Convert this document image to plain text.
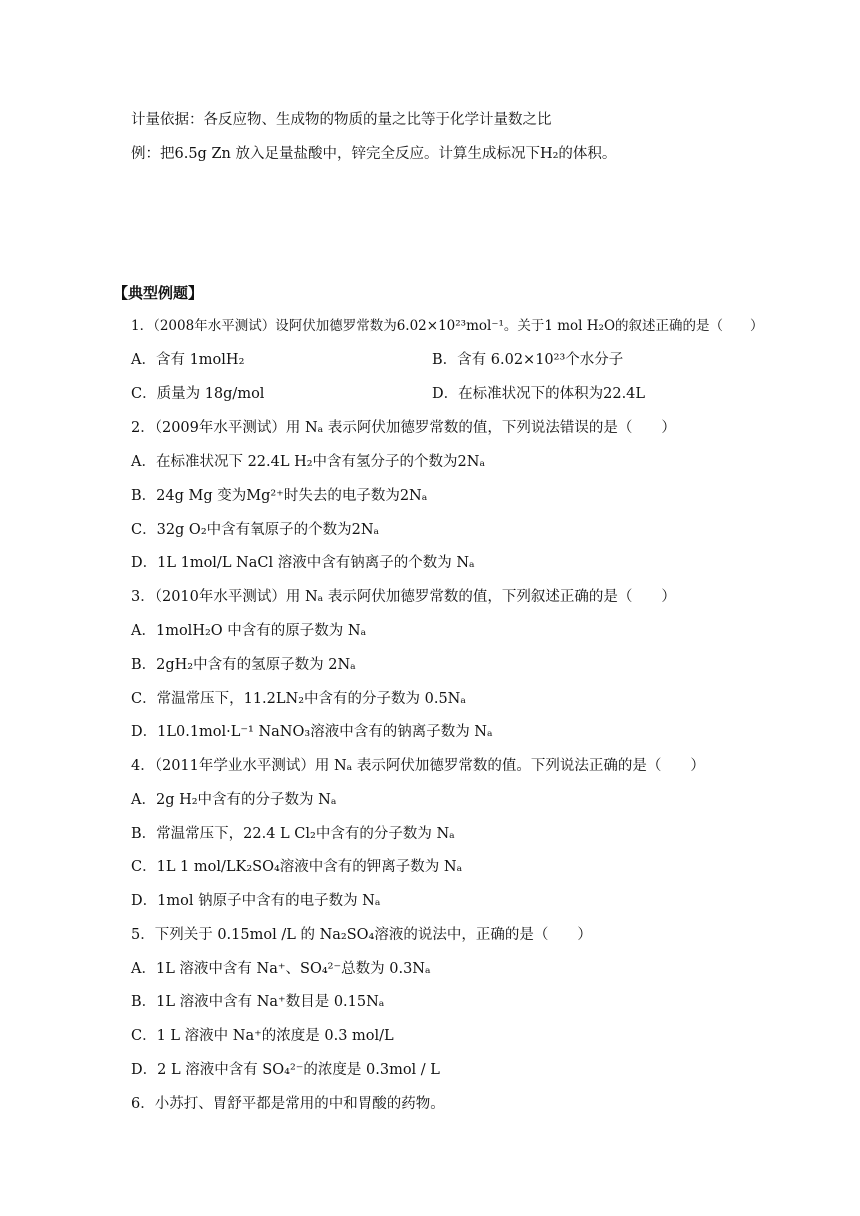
计量依据：各反应物、生成物的物质的量之比等于化学计量数之比
例：把6.5g Zn 放入足量盐酸中，锌完全反应。计算生成标况下H₂的体积。
【典型例题】
1．（2008年水平测试）设阿伏加德罗常数为6.02×10²³mol⁻¹。关于1 mol H₂O的叙述正确的是（　　）
A．含有 1molH₂	B．含有 6.02×10²³个水分子
C．质量为 18g/mol	D．在标准状况下的体积为22.4L
2．（2009年水平测试）用 Nₐ 表示阿伏加德罗常数的值，下列说法错误的是（　　）
A．在标准状况下 22.4L H₂中含有氢分子的个数为2Nₐ
B．24g Mg 变为Mg²⁺时失去的电子数为2Nₐ
C．32g O₂中含有氧原子的个数为2Nₐ
D．1L 1mol/L NaCl 溶液中含有钠离子的个数为 Nₐ
3．（2010年水平测试）用 Nₐ 表示阿伏加德罗常数的值，下列叙述正确的是（　　）
A．1molH₂O 中含有的原子数为 Nₐ
B．2gH₂中含有的氢原子数为 2Nₐ
C．常温常压下，11.2LN₂中含有的分子数为 0.5Nₐ
D．1L0.1mol·L⁻¹ NaNO₃溶液中含有的钠离子数为 Nₐ
4．（2011年学业水平测试）用 Nₐ 表示阿伏加德罗常数的值。下列说法正确的是（　　）
A．2g H₂中含有的分子数为 Nₐ
B．常温常压下，22.4 L Cl₂中含有的分子数为 Nₐ
C．1L 1 mol/LK₂SO₄溶液中含有的钾离子数为 Nₐ
D．1mol 钠原子中含有的电子数为 Nₐ
5．下列关于 0.15mol /L 的 Na₂SO₄溶液的说法中，正确的是（　　）
A．1L 溶液中含有 Na⁺、SO₄²⁻总数为 0.3Nₐ
B．1L 溶液中含有 Na⁺数目是 0.15Nₐ
C．1 L 溶液中 Na⁺的浓度是 0.3 mol/L
D．2 L 溶液中含有 SO₄²⁻的浓度是 0.3mol / L
6．小苏打、胃舒平都是常用的中和胃酸的药物。
